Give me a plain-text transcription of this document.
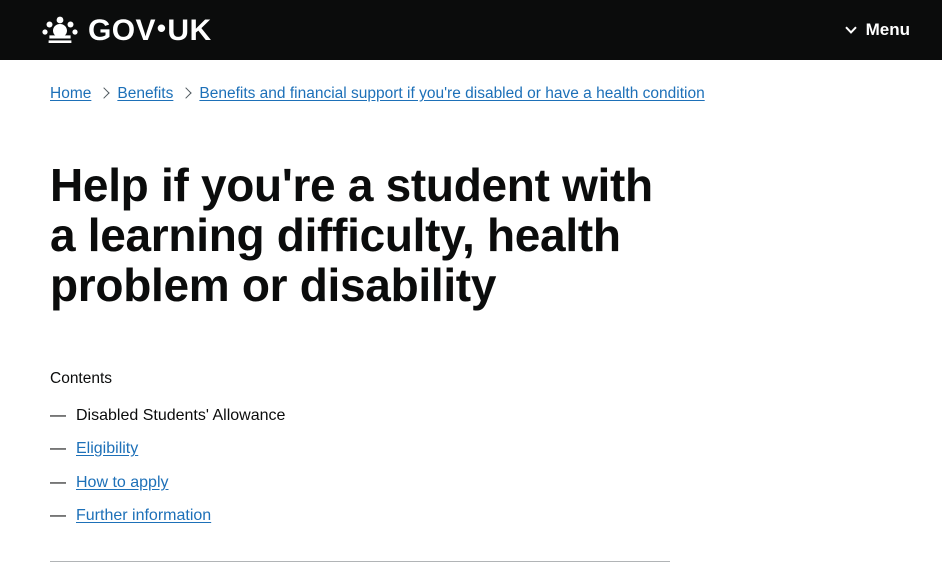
GOV•UK	Menu
Home Benefits Benefits and financial support if you're disabled or have a health condition
Help if you're a student with a learning difficulty, health problem or disability

Contents

— Disabled Students' Allowance
— Eligibility
— How to apply
— Further information
